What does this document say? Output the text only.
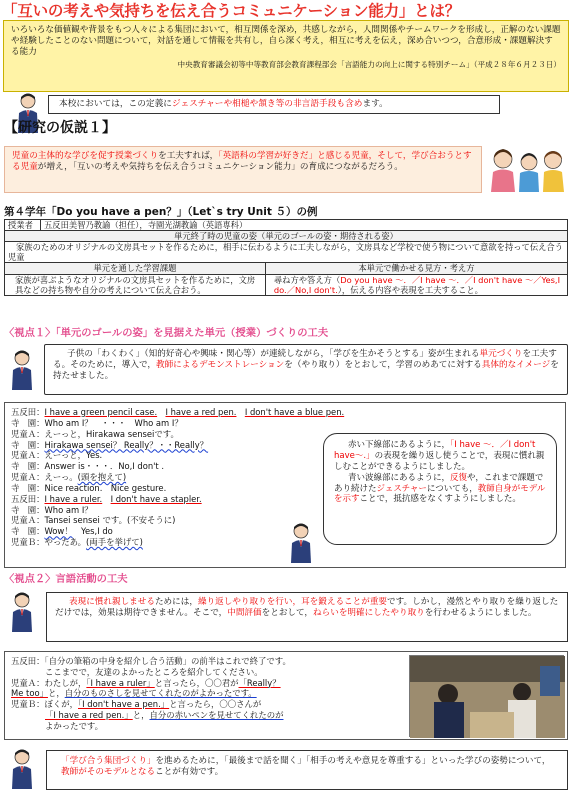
「互いの考えや気持ちを伝え合うコミュニケーション能力」とは？
いろいろな価値観や背景をもつ人々による集団において，相互関係を深め，共感しながら，人間関係やチームワークを形成し，正解のない課題や経験したことのない問題について，対話を通して情報を共有し，自ら深く考え，相互に考えを伝え，深め合いつつ，合意形成・課題解決する能力
中央教育審議会初等中等教育部会教育課程部会「言語能力の向上に関する特別チーム」（平成２８年６月２３日）
本校においては，この定義にジェスチャーや相槌や頷き等の非言語手段も含めます。
【研究の仮説１】
児童の主体的な学びを促す授業づくりを工夫すれば，「英語科の学習が好きだ」と感じる児童，そして，学び合おうとする児童が増え，「互いの考えや気持ちを伝え合うコミュニケーション能力」の育成につながるだろう。
第４学年「Do you have a pen？」（Let`s try Unit ５）の例
授業者	五反田美智乃教諭（担任），寺園光湖教諭（英語専科）	
単元終了時の児童の姿（単元のゴールの姿・期待される姿）		
家族のためのオリジナルの文房具セットを作るために，相手に伝わるように工夫しながら，文房具など学校で使う物について意欲を持って伝え合う児童		
単元を通した学習課題		本単元で働かせる見方・考え方
家族が喜ぶようなオリジナルの文房具セットを作るために，文房具などの持ち物や自分の考えについて伝え合おう。		尋ね方や答え方（Do you have ～．／I have ～．／I don't have ～／Yes,I do.／No,I don't.），伝える内容や表現を工夫すること。
〈視点１〉「単元のゴールの姿」を見据えた単元（授業）づくりの工夫
子供の「わくわく」（知的好奇心や興味・関心等）が連続しながら，「学びを生かそうとする」姿が生まれる単元づくりを工夫する。そのために，導入で，教師によるデモンストレーションを（やり取り）をとおして，学習のめあてに対する具体的なイメージを持たせました。
五反田：I have a green pencil case.　 I have a red pen.　 I don't have a blue pen.
寺　園：Who am I？　・・・　Who am I？
児童Ａ：えーっと，Hirakawa senseiです。
寺　園：Hirakawa sensei？ Really？・・Really？
児童Ａ：えーっと，Yes.
寺　園：Answer is・・・．No,I don't .
児童Ａ：えーっ。(頭を抱えて)
寺　園：Nice reaction.　Nice gesture.
五反田：I have a ruler.　 I don't have a stapler.
寺　園：Who am I？
児童Ａ：Tansei sensei です。(不安そうに)
寺　園：Wow！　Yes,I do
児童Ｂ：やったあ。(両手を挙げて)
赤い下線部にあるように，「I have ～．／I don't have～.」の表現を繰り返し使うことで，表現に慣れ親しむことができるようにしました。
青い波線部にあるように，反復や，これまで課題であり続けたジェスチャーについても，教師自身がモデルを示すことで，抵抗感をなくすようにしました。
〈視点２〉言語活動の工夫
表現に慣れ親しませるためには，繰り返しやり取りを行い，耳を鍛えることが重要です。しかし，漫然とやり取りを繰り返しただけでは，効果は期待できません。そこで，中間評価をとおして，ねらいを明確にしたやり取りを行わせるようにしました。
五反田：「自分の筆箱の中身を紹介し合う活動」の前半はこれで終了です。
ここまでで，友達のよかったところを紹介してください。
児童Ａ：わたしが，「I have a ruler」と言ったら，〇〇君が「Really？
Me too」と，自分のものさしを見せてくれたのがよかったです。
児童Ｂ：ぼくが，「I don't have a pen.」と言ったら，〇〇さんが
「I have a red pen.」と，自分の赤いペンを見せてくれたのが
よかったです。
「学び合う集団づくり」を進めるために，「最後まで話を聞く」「相手の考えや意見を尊重する」といった学びの姿勢について，教師がそのモデルとなることが有効です。
